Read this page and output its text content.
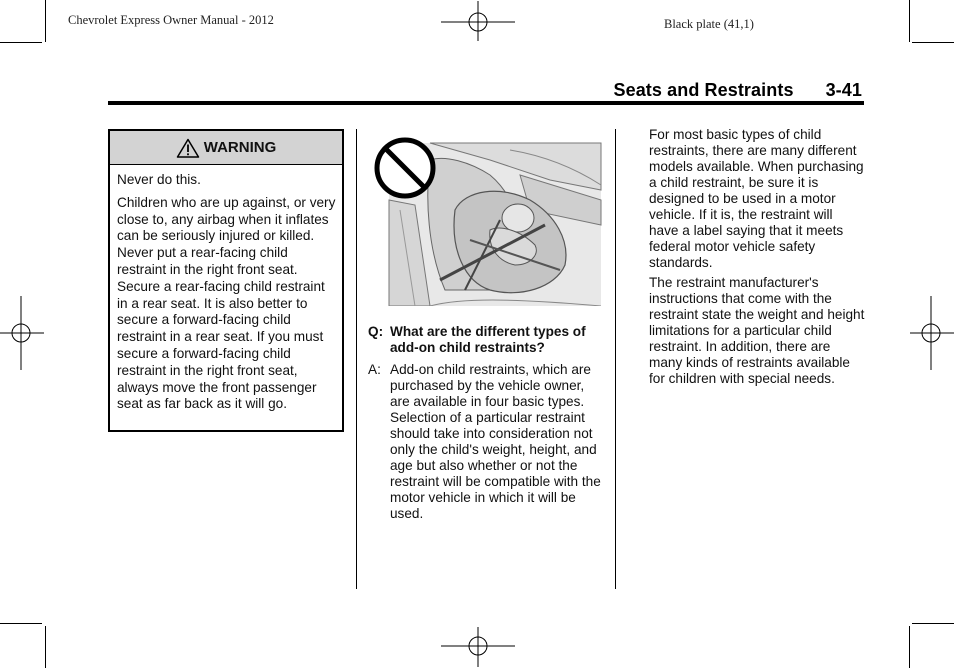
Chevrolet Express Owner Manual - 2012	Black plate (41,1)
Seats and Restraints 3-41
WARNING

Never do this.

Children who are up against, or very close to, any airbag when it inflates can be seriously injured or killed. Never put a rear-facing child restraint in the right front seat. Secure a rear-facing child restraint in a rear seat. It is also better to secure a forward-facing child restraint in a rear seat. If you must secure a forward-facing child restraint in the right front seat, always move the front passenger seat as far back as it will go.

Q: What are the different types of add-on child restraints?
A: Add-on child restraints, which are purchased by the vehicle owner, are available in four basic types. Selection of a particular restraint should take into consideration not only the child's weight, height, and age but also whether or not the restraint will be compatible with the motor vehicle in which it will be used.

For most basic types of child restraints, there are many different models available. When purchasing a child restraint, be sure it is designed to be used in a motor vehicle. If it is, the restraint will have a label saying that it meets federal motor vehicle safety standards.

The restraint manufacturer's instructions that come with the restraint state the weight and height limitations for a particular child restraint. In addition, there are many kinds of restraints available for children with special needs.
